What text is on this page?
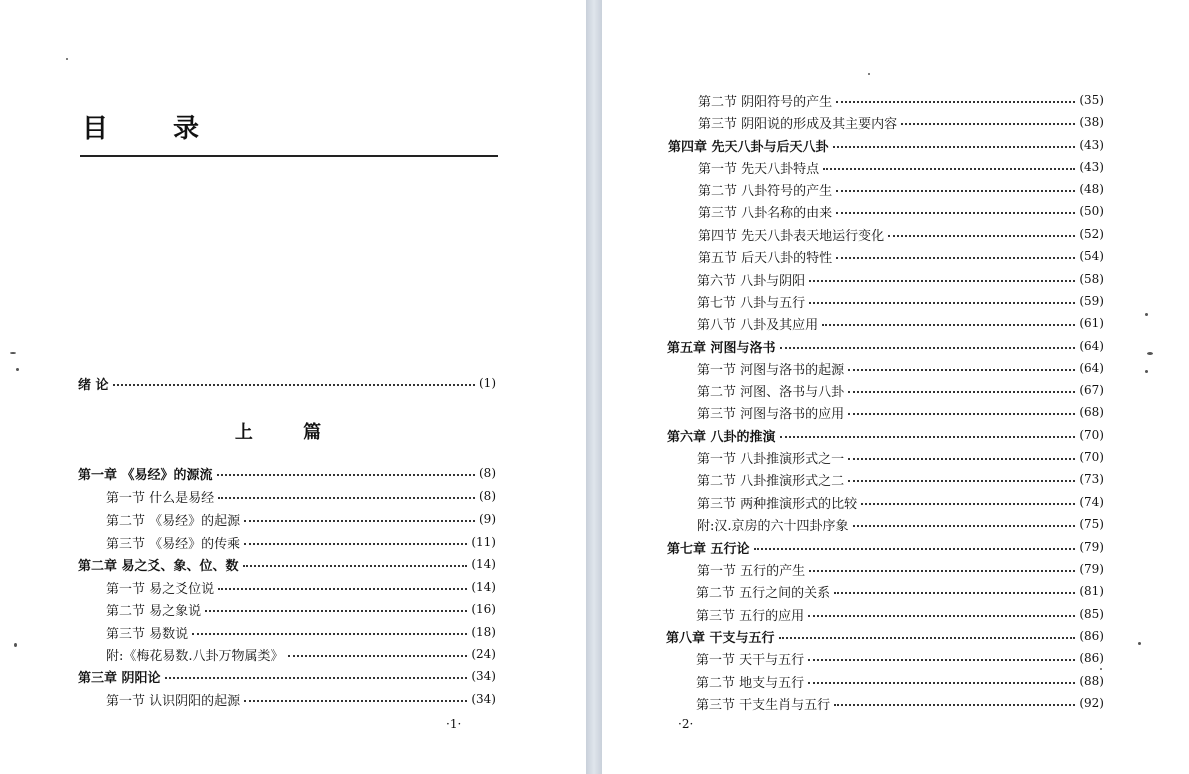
目 录
上 篇
绪 论	(1)
第一章 《易经》的源流	(8)
第一节 什么是易经	(8)
第二节 《易经》的起源	(9)
第三节 《易经》的传乘	(11)
第二章 易之爻、象、位、数	(14)
第一节 易之爻位说	(14)
第二节 易之象说	(16)
第三节 易数说	(18)
附:《梅花易数.八卦万物属类》	(24)
第三章 阴阳论	(34)
第一节 认识阴阳的起源	(34)
·1·
第二节 阴阳符号的产生	(35)
第三节 阴阳说的形成及其主要内容	(38)
第四章 先天八卦与后天八卦	(43)
第一节 先天八卦特点	(43)
第二节 八卦符号的产生	(48)
第三节 八卦名称的由来	(50)
第四节 先天八卦表天地运行变化	(52)
第五节 后天八卦的特性	(54)
第六节 八卦与阴阳	(58)
第七节 八卦与五行	(59)
第八节 八卦及其应用	(61)
第五章 河图与洛书	(64)
第一节 河图与洛书的起源	(64)
第二节 河图、洛书与八卦	(67)
第三节 河图与洛书的应用	(68)
第六章 八卦的推演	(70)
第一节 八卦推演形式之一	(70)
第二节 八卦推演形式之二	(73)
第三节 两种推演形式的比较	(74)
附:汉.京房的六十四卦序象	(75)
第七章 五行论	(79)
第一节 五行的产生	(79)
第二节 五行之间的关系	(81)
第三节 五行的应用	(85)
第八章 干支与五行	(86)
第一节 天干与五行	(86)
第二节 地支与五行	(88)
第三节 干支生肖与五行	(92)
·2·
